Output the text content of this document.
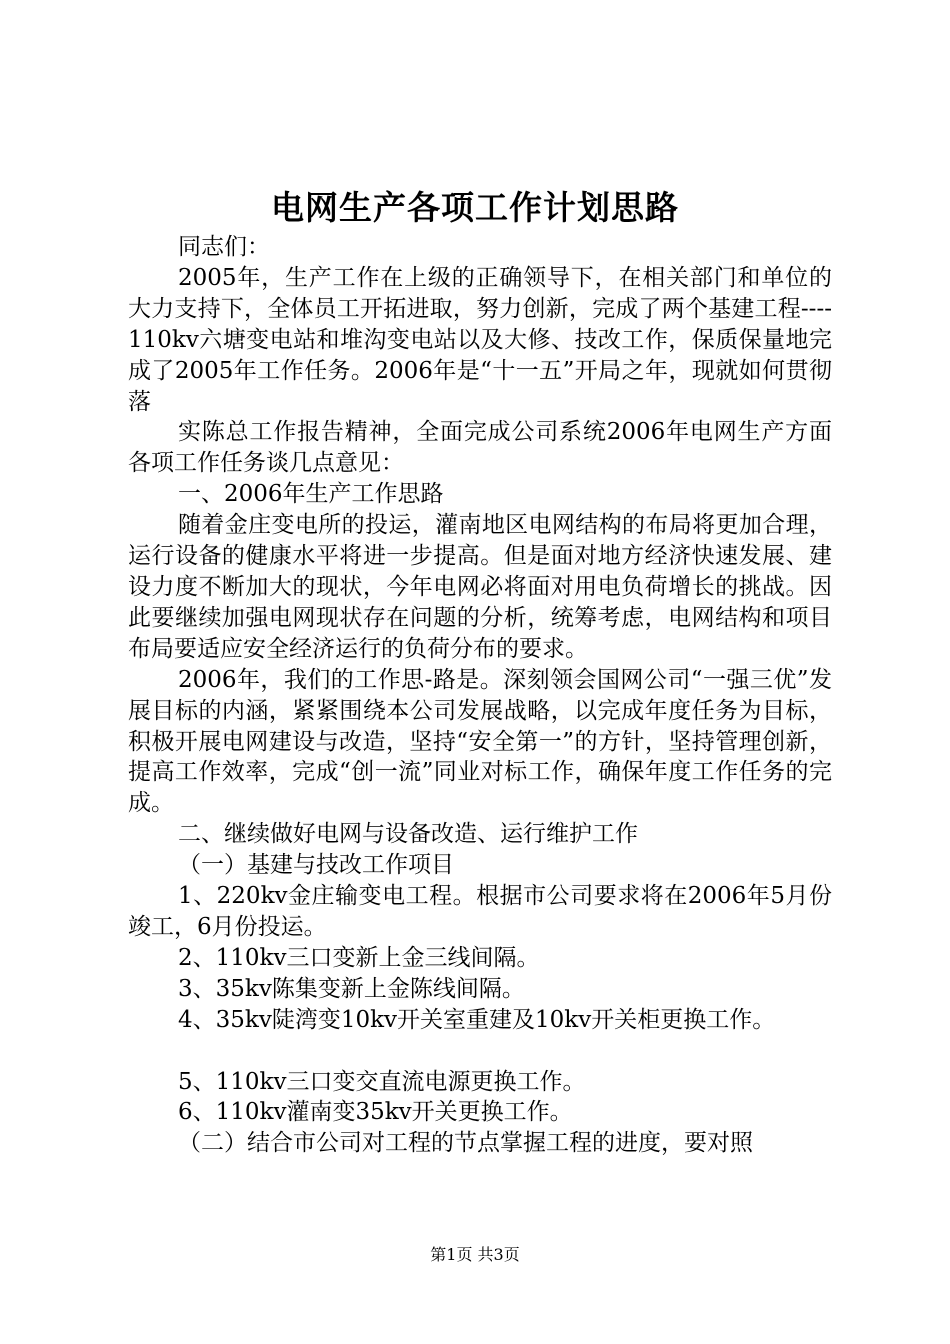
电网生产各项工作计划思路

同志们：

2005年，生产工作在上级的正确领导下，在相关部门和单位的大力支持下，全体员工开拓进取，努力创新，完成了两个基建工程----110kv六塘变电站和堆沟变电站以及大修、技改工作，保质保量地完成了2005年工作任务。2006年是“十一五”开局之年，现就如何贯彻落

实陈总工作报告精神，全面完成公司系统2006年电网生产方面各项工作任务谈几点意见：

一、2006年生产工作思路

随着金庄变电所的投运，灌南地区电网结构的布局将更加合理，运行设备的健康水平将进一步提高。但是面对地方经济快速发展、建设力度不断加大的现状，今年电网必将面对用电负荷增长的挑战。因此要继续加强电网现状存在问题的分析，统筹考虑，电网结构和项目布局要适应安全经济运行的负荷分布的要求。

2006年，我们的工作思-路是。深刻领会国网公司“一强三优”发展目标的内涵，紧紧围绕本公司发展战略，以完成年度任务为目标，积极开展电网建设与改造，坚持“安全第一”的方针，坚持管理创新，提高工作效率，完成“创一流”同业对标工作，确保年度工作任务的完成。

二、继续做好电网与设备改造、运行维护工作

（一）基建与技改工作项目

1、220kv金庄输变电工程。根据市公司要求将在2006年5月份竣工，6月份投运。

2、110kv三口变新上金三线间隔。

3、35kv陈集变新上金陈线间隔。

4、35kv陡湾变10kv开关室重建及10kv开关柜更换工作。

5、110kv三口变交直流电源更换工作。

6、110kv灌南变35kv开关更换工作。

（二）结合市公司对工程的节点掌握工程的进度，要对照

第1页 共3页
